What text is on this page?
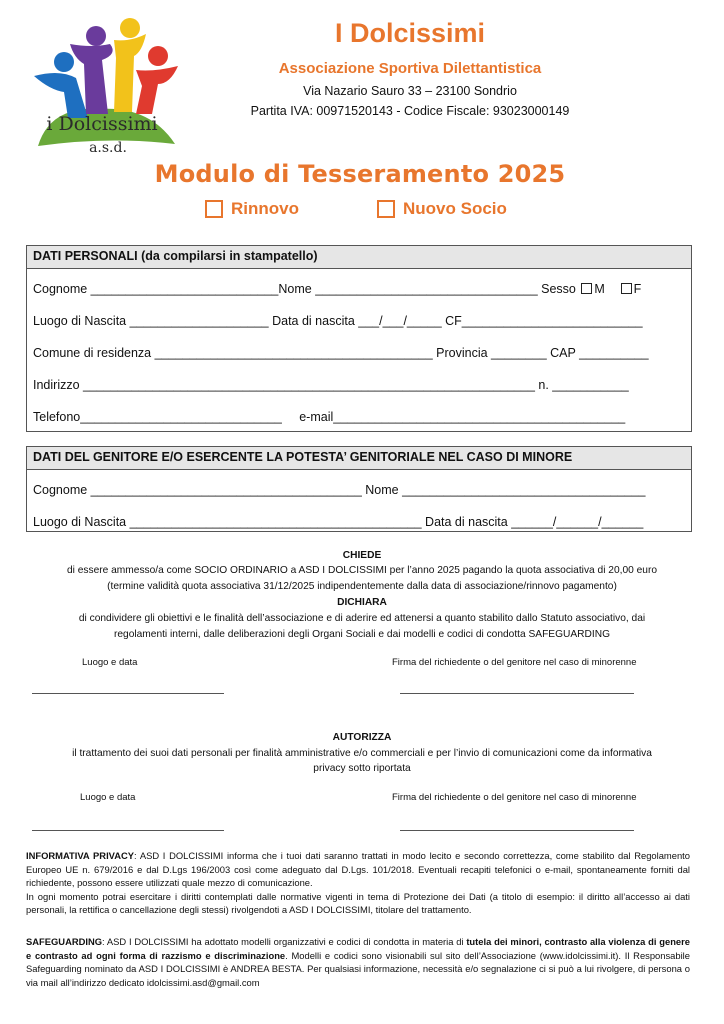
i Dolcissimi
a.s.d.
I Dolcissimi
Associazione Sportiva Dilettantistica
Via Nazario Sauro 33 – 23100 Sondrio
Partita IVA: 00971520143 - Codice Fiscale: 93023000149
Modulo di Tesseramento 2025
Rinnovo	Nuovo Socio
DATI PERSONALI (da compilarsi in stampatello)
Cognome ___________________________Nome ________________________________ Sesso M F
Luogo di Nascita ____________________ Data di nascita ___/___/_____ CF__________________________
Comune di residenza ________________________________________ Provincia ________ CAP __________
Indirizzo _________________________________________________________________ n. ___________
Telefono_____________________________     e-mail__________________________________________
DATI DEL GENITORE E/O ESERCENTE LA POTESTA’ GENITORIALE NEL CASO DI MINORE
Cognome _______________________________________ Nome ___________________________________
Luogo di Nascita __________________________________________ Data di nascita ______/______/______
CHIEDE
di essere ammesso/a come SOCIO ORDINARIO a ASD I DOLCISSIMI per l’anno 2025 pagando la quota associativa di 20,00 euro
(termine validità quota associativa 31/12/2025 indipendentemente dalla data di associazione/rinnovo pagamento)
DICHIARA
di condividere gli obiettivi e le finalità dell’associazione e di aderire ed attenersi a quanto stabilito dallo Statuto associativo, dai
regolamenti interni, dalle deliberazioni degli Organi Sociali e dai modelli e codici di condotta SAFEGUARDING
Luogo e data	Firma del richiedente o del genitore nel caso di minorenne
AUTORIZZA
il trattamento dei suoi dati personali per finalità amministrative e/o commerciali e per l’invio di comunicazioni come da informativa
privacy sotto riportata
Luogo e data	Firma del richiedente o del genitore nel caso di minorenne
INFORMATIVA PRIVACY: ASD I DOLCISSIMI informa che i tuoi dati saranno trattati in modo lecito e secondo correttezza, come stabilito dal Regolamento Europeo UE n. 679/2016 e dal D.Lgs 196/2003 così come adeguato dal D.Lgs. 101/2018. Eventuali recapiti telefonici o e-mail, spontaneamente forniti dal richiedente, possono essere utilizzati quale mezzo di comunicazione.
In ogni momento potrai esercitare i diritti contemplati dalle normative vigenti in tema di Protezione dei Dati (a titolo di esempio: il diritto all’accesso ai dati personali, la rettifica o cancellazione degli stessi) rivolgendoti a ASD I DOLCISSIMI, titolare del trattamento.
SAFEGUARDING: ASD I DOLCISSIMI ha adottato modelli organizzativi e codici di condotta in materia di tutela dei minori, contrasto alla violenza di genere e contrasto ad ogni forma di razzismo e discriminazione. Modelli e codici sono visionabili sul sito dell’Associazione (www.idolcissimi.it). Il Responsabile Safeguarding nominato da ASD I DOLCISSIMI è ANDREA BESTA. Per qualsiasi informazione, necessità e/o segnalazione ci si può a lui rivolgere, di persona o via mail all’indirizzo dedicato idolcissimi.asd@gmail.com
